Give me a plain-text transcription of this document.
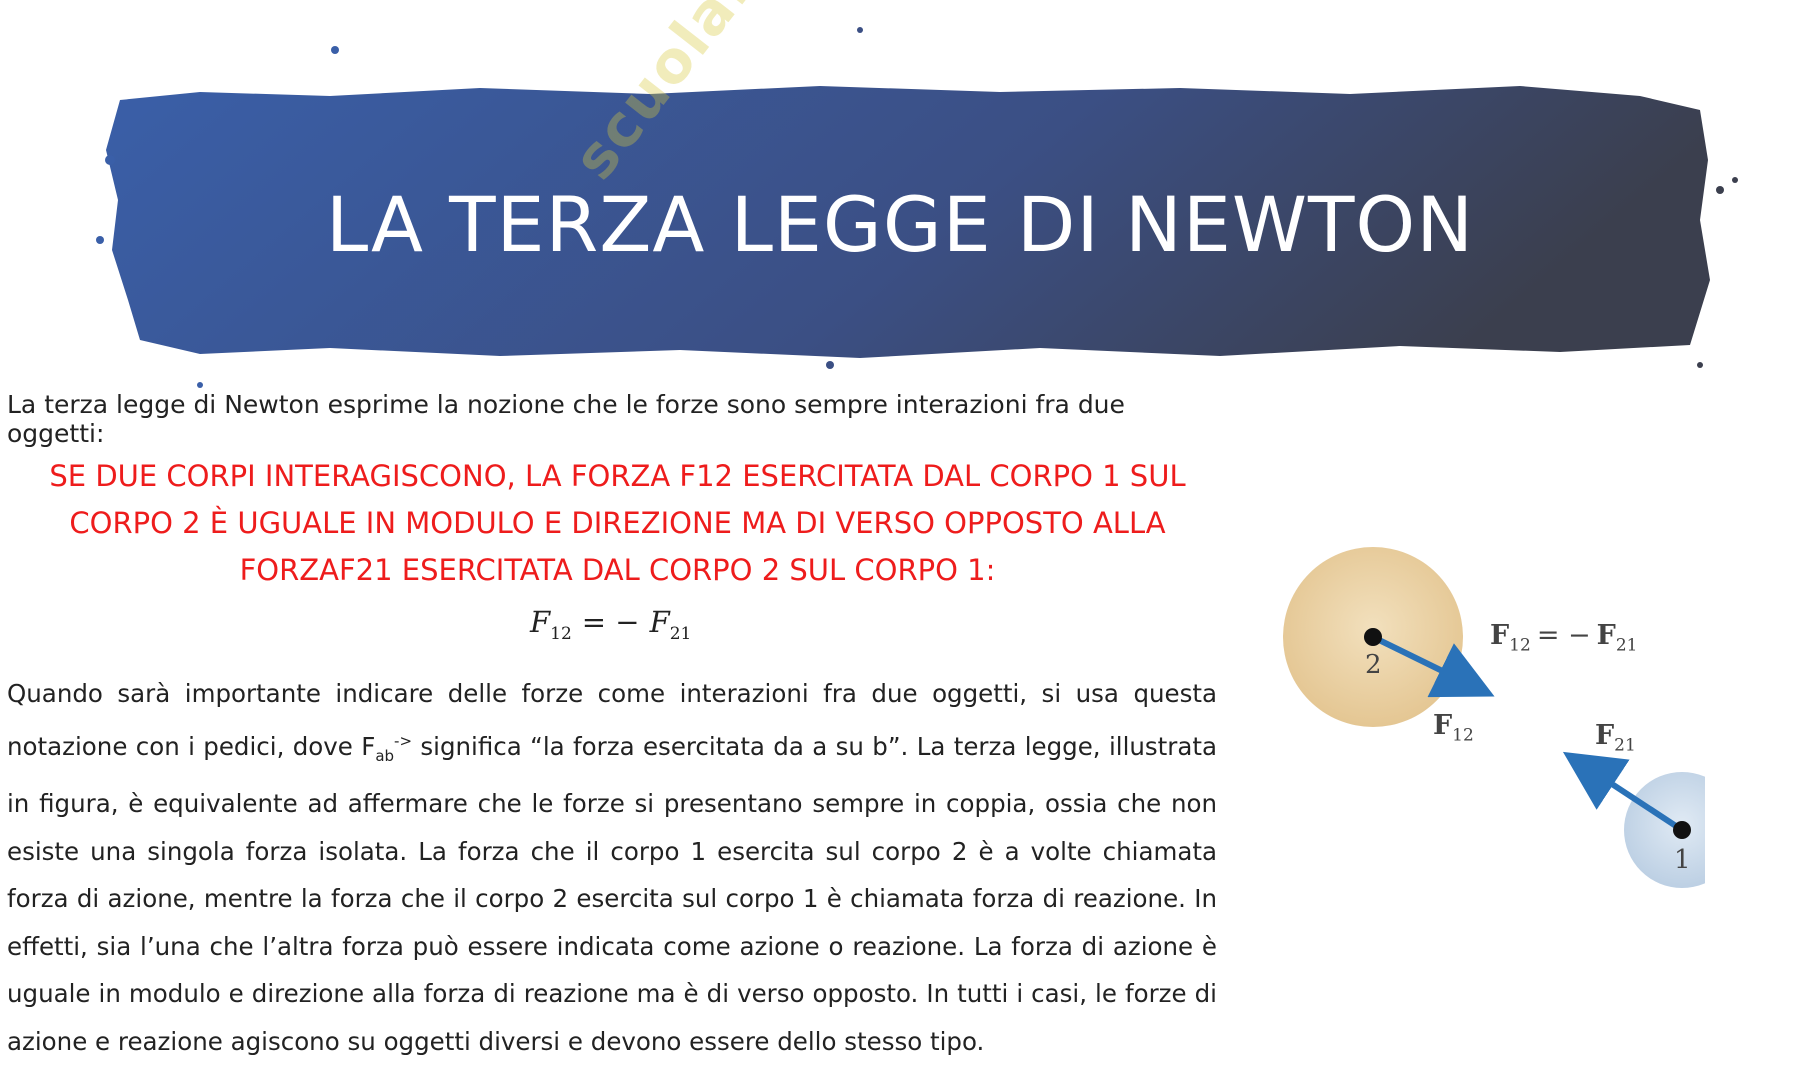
LA TERZA LEGGE DI NEWTON
La terza legge di Newton esprime la nozione che le forze sono sempre interazioni fra due oggetti:
SE DUE CORPI INTERAGISCONO, LA FORZA F12 ESERCITATA DAL CORPO 1 SUL
CORPO 2 È UGUALE IN MODULO E DIREZIONE MA DI VERSO OPPOSTO ALLA
FORZAF21 ESERCITATA DAL CORPO 2 SUL CORPO 1:
$F_{12}$ = − $F_{21}$
Quando sarà importante indicare delle forze come interazioni fra due oggetti, si usa questa notazione con i pedici, dove $F_{ab}^{->}$ significa “la forza esercitata da a su b”. La terza legge, illustrata in figura, è equivalente ad affermare che le forze si presentano sempre in coppia, ossia che non esiste una singola forza isolata. La forza che il corpo 1 esercita sul corpo 2 è a volte chiamata forza di azione, mentre la forza che il corpo 2 esercita sul corpo 1 è chiamata forza di reazione. In effetti, sia l’una che l’altra forza può essere indicata come azione o reazione. La forza di azione è uguale in modulo e direzione alla forza di reazione ma è di verso opposto. In tutti i casi, le forze di azione e reazione agiscono su oggetti diversi e devono essere dello stesso tipo.
2
1
$F_{12}$	$F_{21}$
$F_{12}$ = − $F_{21}$
